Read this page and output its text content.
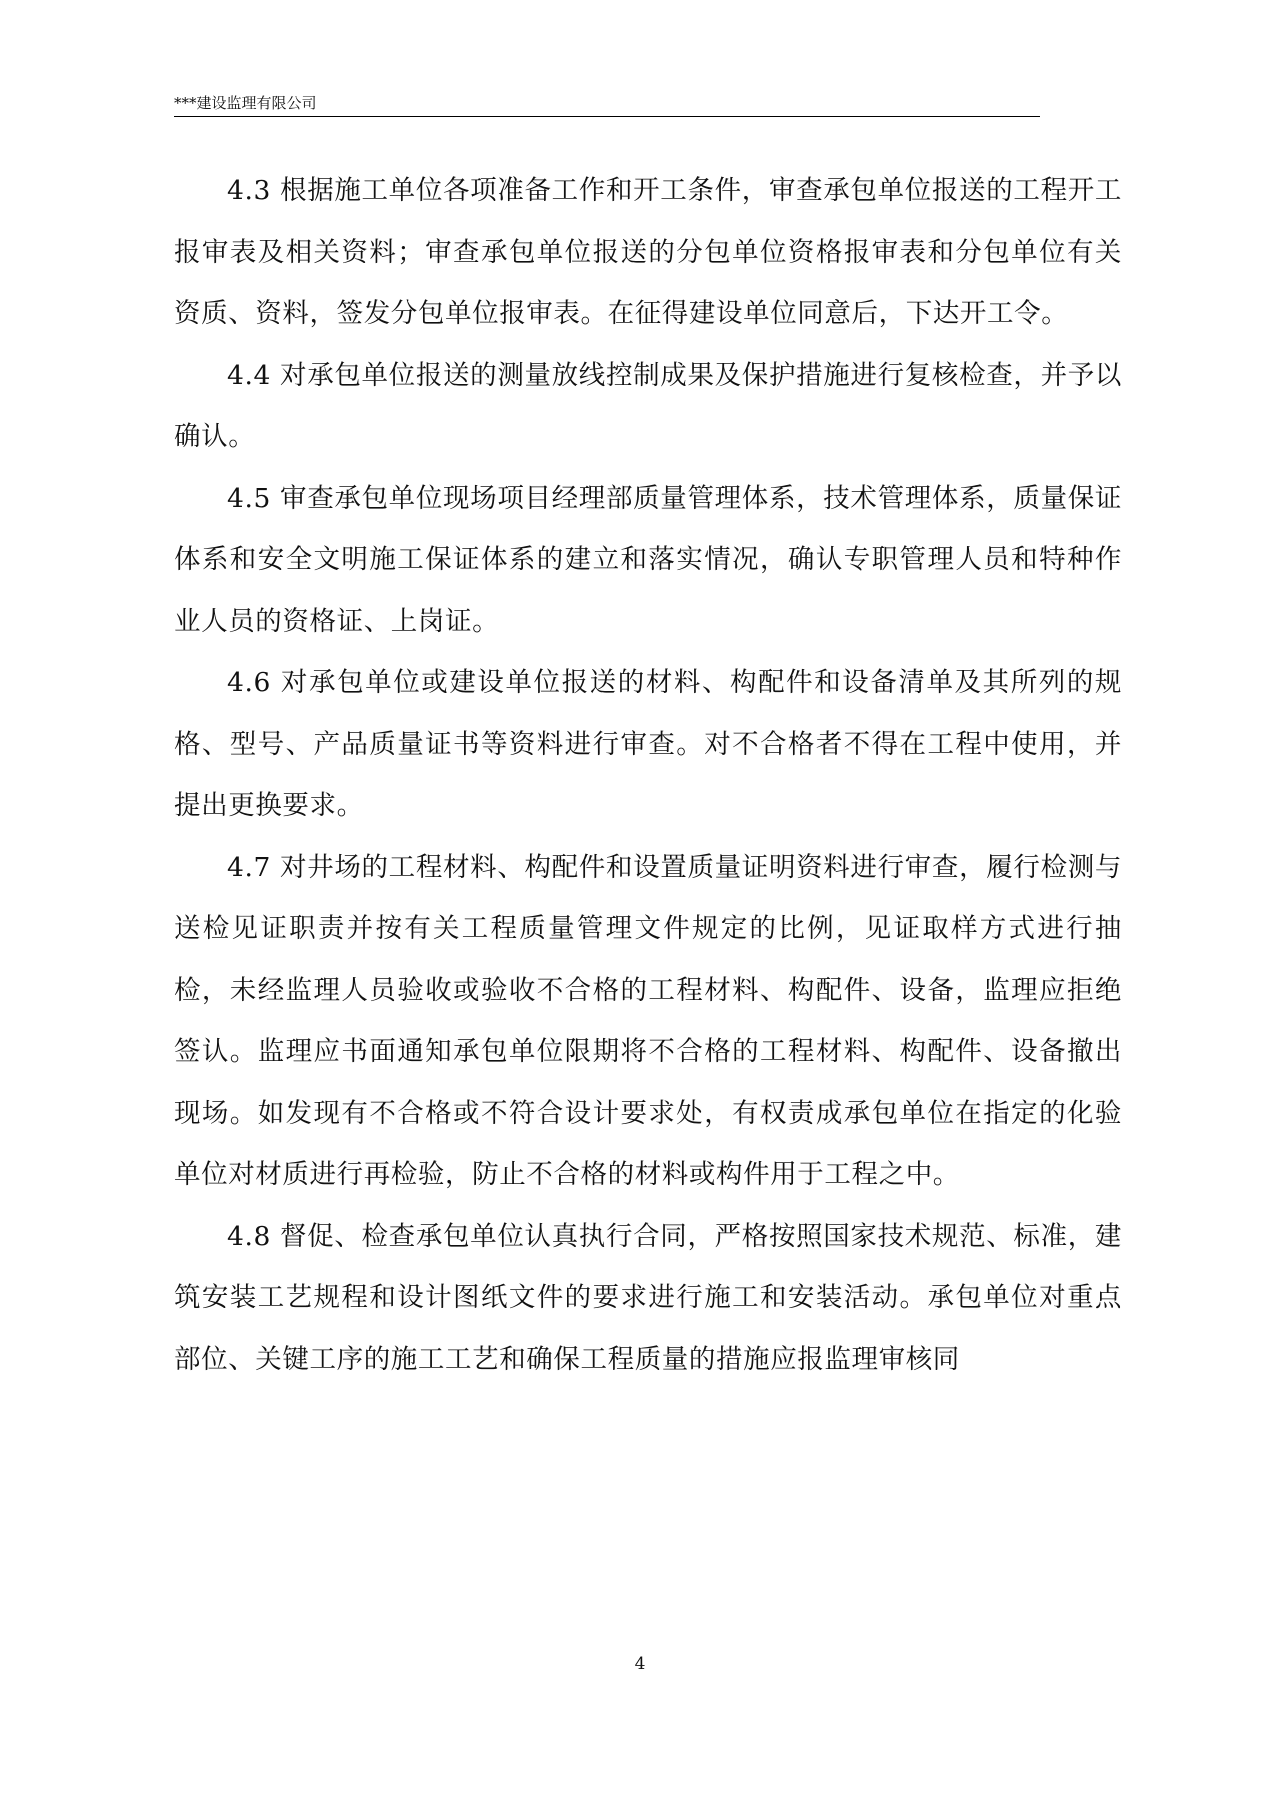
***建设监理有限公司

4.3 根据施工单位各项准备工作和开工条件，审查承包单位报送的工程开工报审表及相关资料；审查承包单位报送的分包单位资格报审表和分包单位有关资质、资料，签发分包单位报审表。在征得建设单位同意后，下达开工令。

4.4 对承包单位报送的测量放线控制成果及保护措施进行复核检查，并予以确认。

4.5 审查承包单位现场项目经理部质量管理体系，技术管理体系，质量保证体系和安全文明施工保证体系的建立和落实情况，确认专职管理人员和特种作业人员的资格证、上岗证。

4.6 对承包单位或建设单位报送的材料、构配件和设备清单及其所列的规格、型号、产品质量证书等资料进行审查。对不合格者不得在工程中使用，并提出更换要求。

4.7 对井场的工程材料、构配件和设置质量证明资料进行审查，履行检测与送检见证职责并按有关工程质量管理文件规定的比例，见证取样方式进行抽检，未经监理人员验收或验收不合格的工程材料、构配件、设备，监理应拒绝签认。监理应书面通知承包单位限期将不合格的工程材料、构配件、设备撤出现场。如发现有不合格或不符合设计要求处，有权责成承包单位在指定的化验单位对材质进行再检验，防止不合格的材料或构件用于工程之中。

4.8 督促、检查承包单位认真执行合同，严格按照国家技术规范、标准，建筑安装工艺规程和设计图纸文件的要求进行施工和安装活动。承包单位对重点部位、关键工序的施工工艺和确保工程质量的措施应报监理审核同

4
